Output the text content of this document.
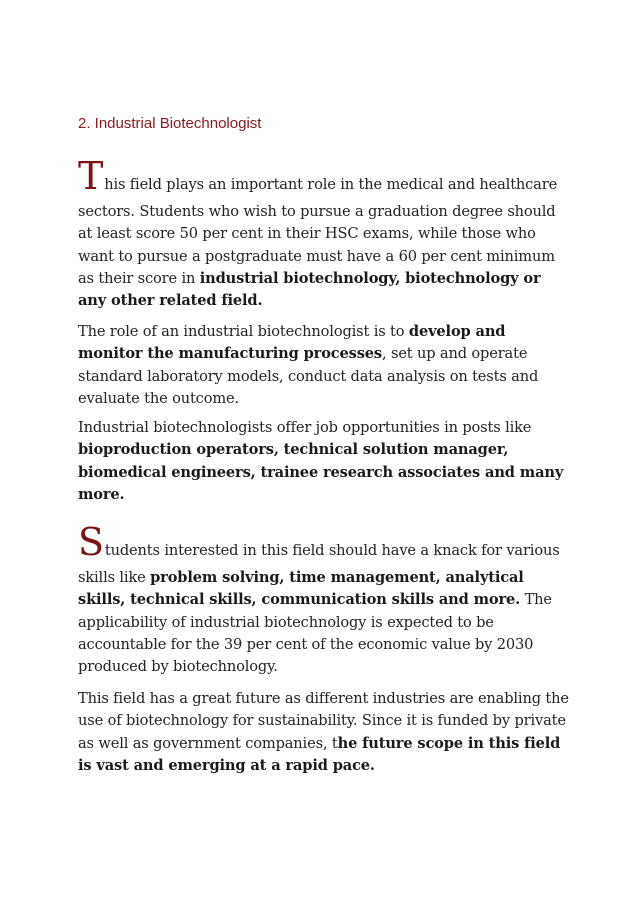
2. Industrial Biotechnologist

This field plays an important role in the medical and healthcare
sectors. Students who wish to pursue a graduation degree should at least score 50 per cent in their HSC exams, while those who want to pursue a postgraduate must have a 60 per cent minimum as their score in industrial biotechnology, biotechnology or any other related field.

The role of an industrial biotechnologist is to develop and monitor the manufacturing processes, set up and operate standard laboratory models, conduct data analysis on tests and evaluate the outcome.

Industrial biotechnologists offer job opportunities in posts like bioproduction operators, technical solution manager, biomedical engineers, trainee research associates and many more.

Students interested in this field should have a knack for various
skills like problem solving, time management, analytical skills, technical skills, communication skills and more. The applicability of industrial biotechnology is expected to be accountable for the 39 per cent of the economic value by 2030 produced by biotechnology.

This field has a great future as different industries are enabling the use of biotechnology for sustainability. Since it is funded by private as well as government companies, the future scope in this field is vast and emerging at a rapid pace.
